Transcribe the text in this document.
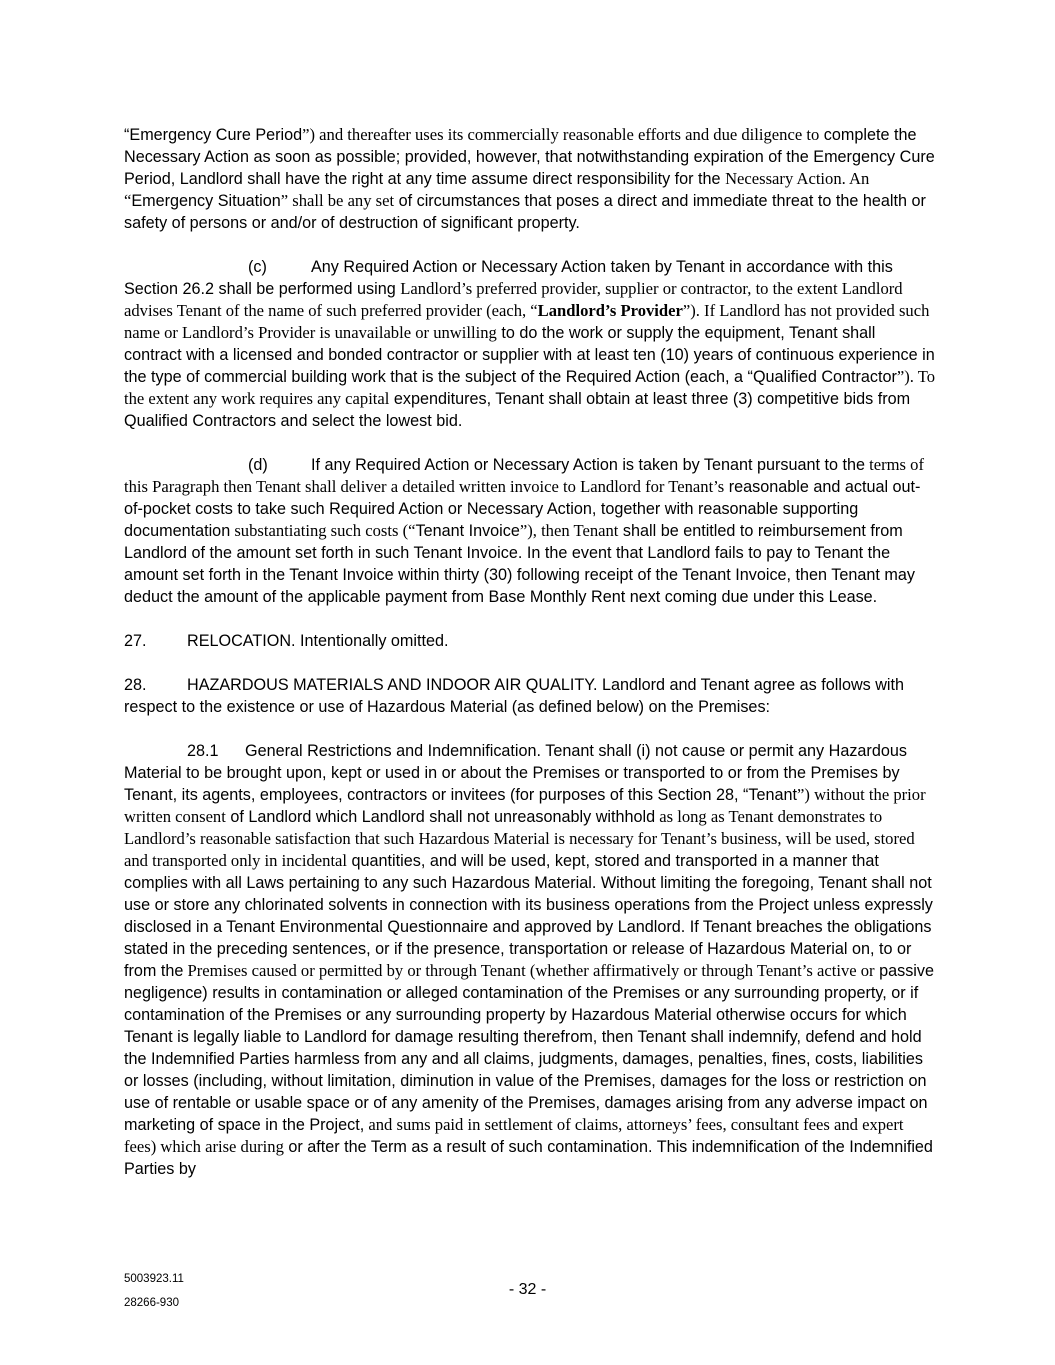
“Emergency Cure Period”) and thereafter uses its commercially reasonable efforts and due diligence to complete the Necessary Action as soon as possible; provided, however, that notwithstanding expiration of the Emergency Cure Period, Landlord shall have the right at any time assume direct responsibility for the Necessary Action. An “Emergency Situation” shall be any set of circumstances that poses a direct and immediate threat to the health or safety of persons or and/or of destruction of significant property.

(c)	Any Required Action or Necessary Action taken by Tenant in accordance with this Section 26.2 shall be performed using Landlord’s preferred provider, supplier or contractor, to the extent Landlord advises Tenant of the name of such preferred provider (each, “Landlord’s Provider”). If Landlord has not provided such name or Landlord’s Provider is unavailable or unwilling to do the work or supply the equipment, Tenant shall contract with a licensed and bonded contractor or supplier with at least ten (10) years of continuous experience in the type of commercial building work that is the subject of the Required Action (each, a “Qualified Contractor”). To the extent any work requires any capital expenditures, Tenant shall obtain at least three (3) competitive bids from Qualified Contractors and select the lowest bid.

(d)	If any Required Action or Necessary Action is taken by Tenant pursuant to the terms of this Paragraph then Tenant shall deliver a detailed written invoice to Landlord for Tenant’s reasonable and actual out-of-pocket costs to take such Required Action or Necessary Action, together with reasonable supporting documentation substantiating such costs (“Tenant Invoice”), then Tenant shall be entitled to reimbursement from Landlord of the amount set forth in such Tenant Invoice. In the event that Landlord fails to pay to Tenant the amount set forth in the Tenant Invoice within thirty (30) following receipt of the Tenant Invoice, then Tenant may deduct the amount of the applicable payment from Base Monthly Rent next coming due under this Lease.

27. RELOCATION. Intentionally omitted.

28. HAZARDOUS MATERIALS AND INDOOR AIR QUALITY. Landlord and Tenant agree as follows with respect to the existence or use of Hazardous Material (as defined below) on the Premises:

28.1 General Restrictions and Indemnification. Tenant shall (i) not cause or permit any Hazardous Material to be brought upon, kept or used in or about the Premises or transported to or from the Premises by Tenant, its agents, employees, contractors or invitees (for purposes of this Section 28, “Tenant”) without the prior written consent of Landlord which Landlord shall not unreasonably withhold as long as Tenant demonstrates to Landlord’s reasonable satisfaction that such Hazardous Material is necessary for Tenant’s business, will be used, stored and transported only in incidental quantities, and will be used, kept, stored and transported in a manner that complies with all Laws pertaining to any such Hazardous Material. Without limiting the foregoing, Tenant shall not use or store any chlorinated solvents in connection with its business operations from the Project unless expressly disclosed in a Tenant Environmental Questionnaire and approved by Landlord. If Tenant breaches the obligations stated in the preceding sentences, or if the presence, transportation or release of Hazardous Material on, to or from the Premises caused or permitted by or through Tenant (whether affirmatively or through Tenant’s active or passive negligence) results in contamination or alleged contamination of the Premises or any surrounding property, or if contamination of the Premises or any surrounding property by Hazardous Material otherwise occurs for which Tenant is legally liable to Landlord for damage resulting therefrom, then Tenant shall indemnify, defend and hold the Indemnified Parties harmless from any and all claims, judgments, damages, penalties, fines, costs, liabilities or losses (including, without limitation, diminution in value of the Premises, damages for the loss or restriction on use of rentable or usable space or of any amenity of the Premises, damages arising from any adverse impact on marketing of space in the Project, and sums paid in settlement of claims, attorneys’ fees, consultant fees and expert fees) which arise during or after the Term as a result of such contamination. This indemnification of the Indemnified Parties by

5003923.11
28266-930
- 32 -
